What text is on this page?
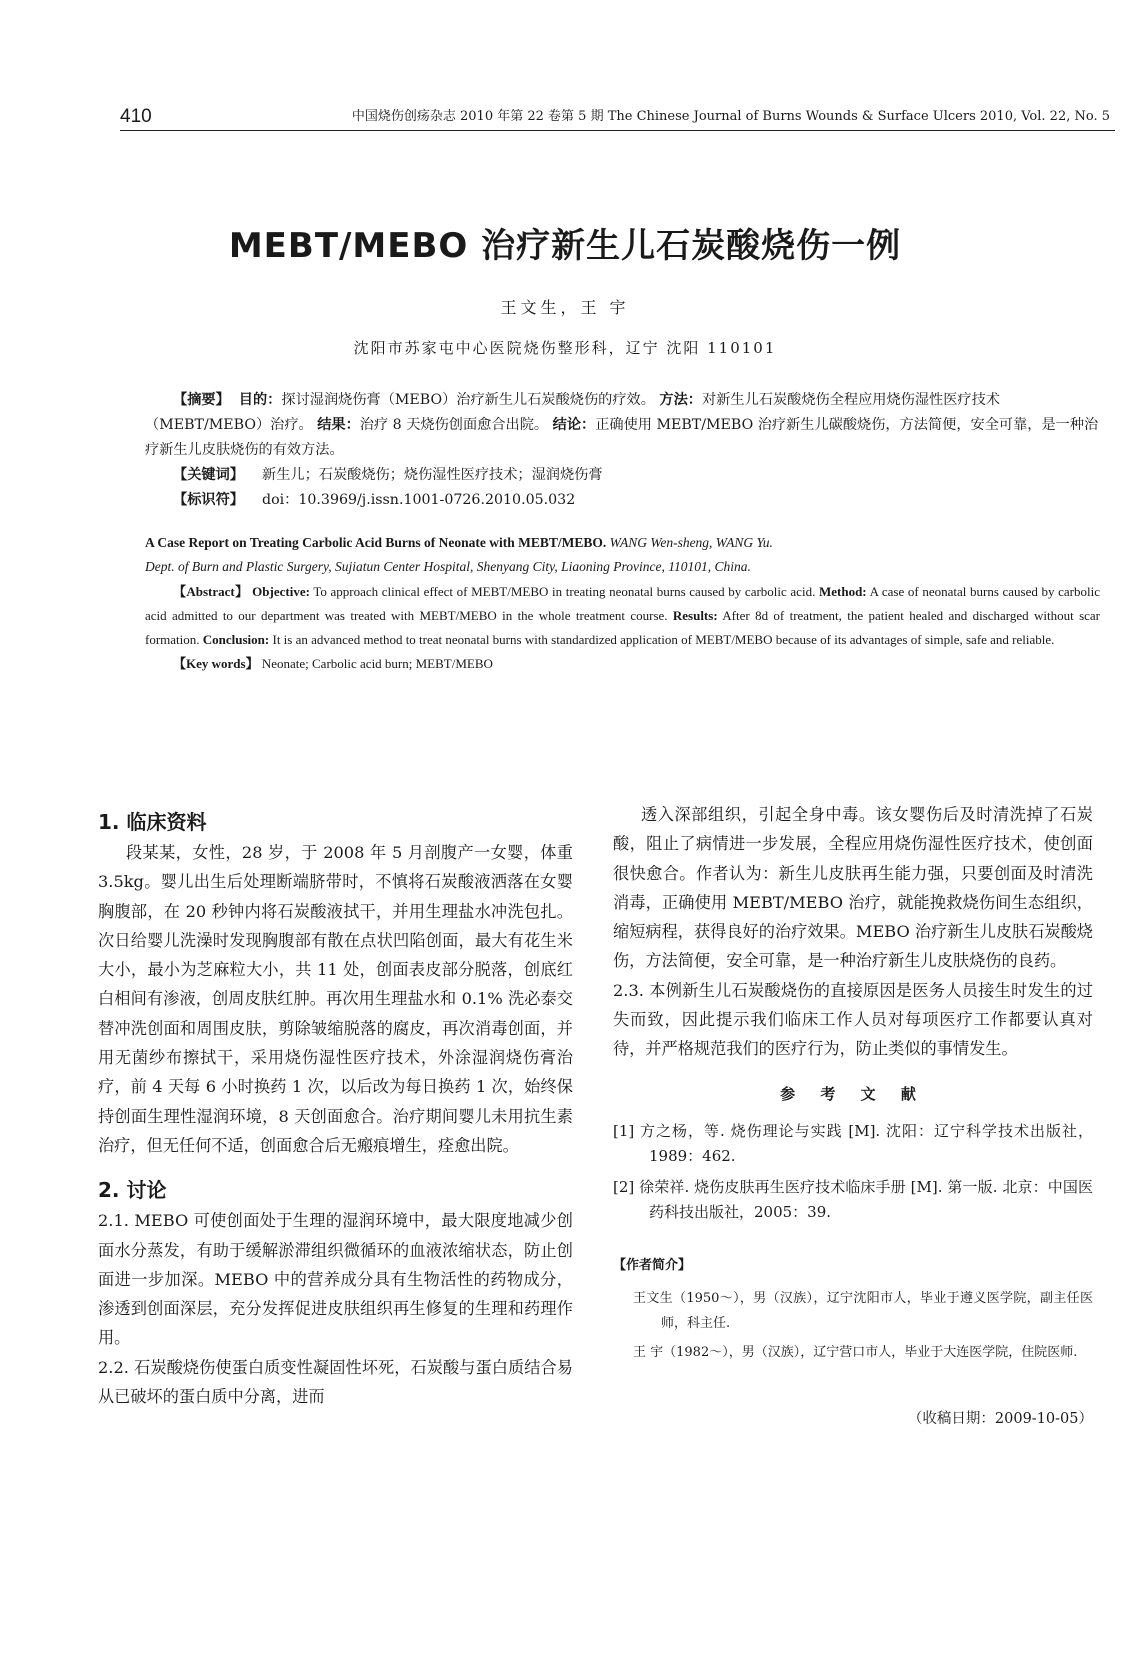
410	中国烧伤创疡杂志 2010 年第 22 卷第 5 期 The Chinese Journal of Burns Wounds & Surface Ulcers 2010, Vol. 22, No. 5
MEBT/MEBO 治疗新生儿石炭酸烧伤一例
王文生，王 宇
沈阳市苏家屯中心医院烧伤整形科，辽宁 沈阳 110101

【摘要】 目的：探讨湿润烧伤膏（MEBO）治疗新生儿石炭酸烧伤的疗效。 方法：对新生儿石炭酸烧伤全程应用烧伤湿性医疗技术（MEBT/MEBO）治疗。 结果：治疗 8 天烧伤创面愈合出院。 结论：正确使用 MEBT/MEBO 治疗新生儿碳酸烧伤，方法简便，安全可靠，是一种治疗新生儿皮肤烧伤的有效方法。

【关键词】 新生儿；石炭酸烧伤；烧伤湿性医疗技术；湿润烧伤膏

【标识符】 doi：10.3969/j.issn.1001-0726.2010.05.032

A Case Report on Treating Carbolic Acid Burns of Neonate with MEBT/MEBO. WANG Wen-sheng, WANG Yu.
Dept. of Burn and Plastic Surgery, Sujiatun Center Hospital, Shenyang City, Liaoning Province, 110101, China.

【Abstract】 Objective: To approach clinical effect of MEBT/MEBO in treating neonatal burns caused by carbolic acid. Method: A case of neonatal burns caused by carbolic acid admitted to our department was treated with MEBT/MEBO in the whole treatment course. Results: After 8d of treatment, the patient healed and discharged without scar formation. Conclusion: It is an advanced method to treat neonatal burns with standardized application of MEBT/MEBO because of its advantages of simple, safe and reliable.

【Key words】 Neonate; Carbolic acid burn; MEBT/MEBO

1. 临床资料

段某某，女性，28 岁，于 2008 年 5 月剖腹产一女婴，体重 3.5kg。婴儿出生后处理断端脐带时，不慎将石炭酸液洒落在女婴胸腹部，在 20 秒钟内将石炭酸液拭干，并用生理盐水冲洗包扎。次日给婴儿洗澡时发现胸腹部有散在点状凹陷创面，最大有花生米大小，最小为芝麻粒大小，共 11 处，创面表皮部分脱落，创底红白相间有渗液，创周皮肤红肿。再次用生理盐水和 0.1% 洗必泰交替冲洗创面和周围皮肤，剪除皱缩脱落的腐皮，再次消毒创面，并用无菌纱布擦拭干，采用烧伤湿性医疗技术，外涂湿润烧伤膏治疗，前 4 天每 6 小时换药 1 次，以后改为每日换药 1 次，始终保持创面生理性湿润环境，8 天创面愈合。治疗期间婴儿未用抗生素治疗，但无任何不适，创面愈合后无瘢痕增生，痊愈出院。

2. 讨论

2.1. MEBO 可使创面处于生理的湿润环境中，最大限度地减少创面水分蒸发，有助于缓解淤滞组织微循环的血液浓缩状态，防止创面进一步加深。MEBO 中的营养成分具有生物活性的药物成分，渗透到创面深层，充分发挥促进皮肤组织再生修复的生理和药理作用。

2.2. 石炭酸烧伤使蛋白质变性凝固性坏死，石炭酸与蛋白质结合易从已破坏的蛋白质中分离，进而

透入深部组织，引起全身中毒。该女婴伤后及时清洗掉了石炭酸，阻止了病情进一步发展，全程应用烧伤湿性医疗技术，使创面很快愈合。作者认为：新生儿皮肤再生能力强，只要创面及时清洗消毒，正确使用 MEBT/MEBO 治疗，就能挽救烧伤间生态组织，缩短病程，获得良好的治疗效果。MEBO 治疗新生儿皮肤石炭酸烧伤，方法简便，安全可靠，是一种治疗新生儿皮肤烧伤的良药。

2.3. 本例新生儿石炭酸烧伤的直接原因是医务人员接生时发生的过失而致，因此提示我们临床工作人员对每项医疗工作都要认真对待，并严格规范我们的医疗行为，防止类似的事情发生。

参 考 文 献
[1] 方之杨，等. 烧伤理论与实践 [M]. 沈阳：辽宁科学技术出版社，1989：462.
[2] 徐荣祥. 烧伤皮肤再生医疗技术临床手册 [M]. 第一版. 北京：中国医药科技出版社，2005：39.
【作者简介】
王文生（1950～），男（汉族），辽宁沈阳市人，毕业于遵义医学院，副主任医师，科主任.
王 宇（1982～），男（汉族），辽宁营口市人，毕业于大连医学院，住院医师.
（收稿日期：2009-10-05）
